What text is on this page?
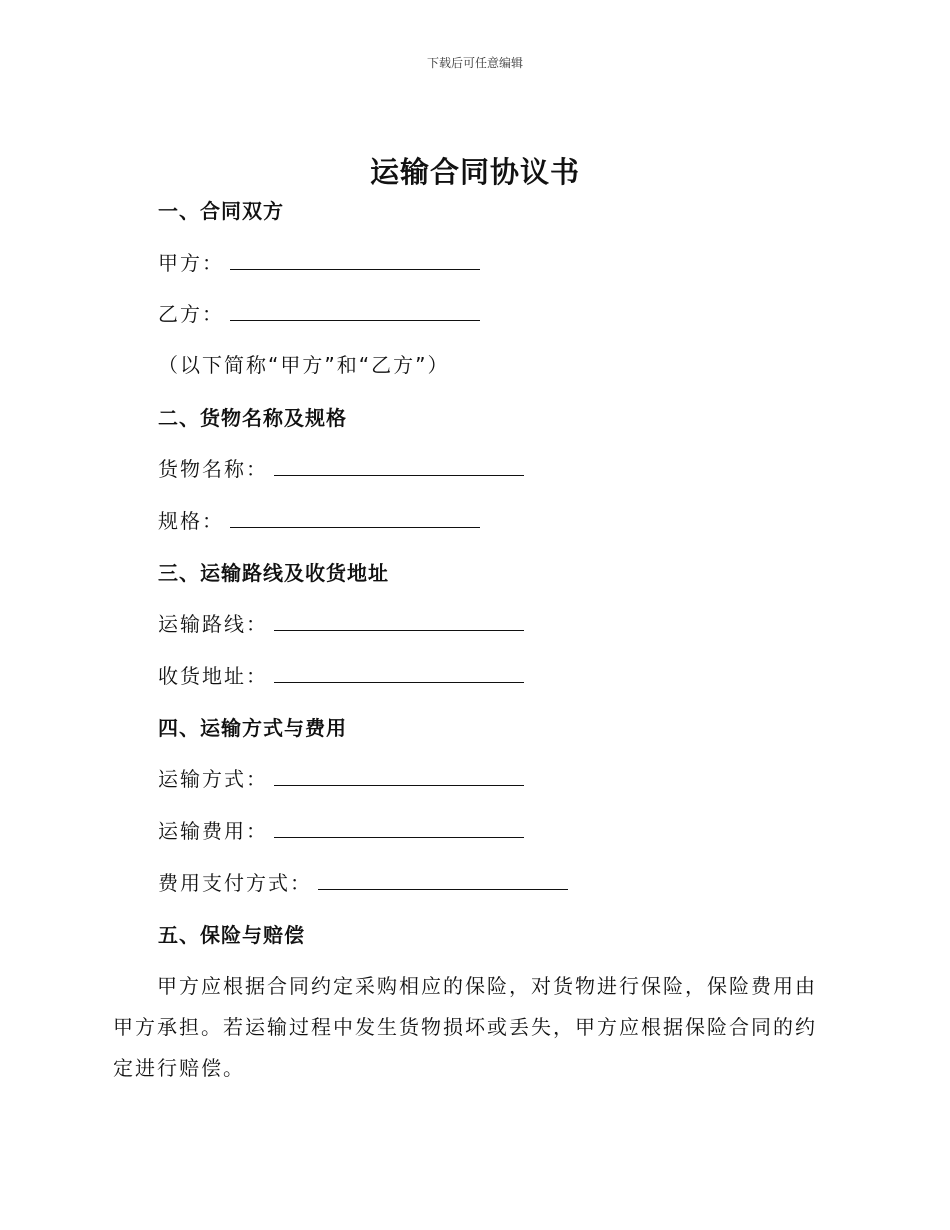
下载后可任意编辑
运输合同协议书
一、合同双方
甲方：
乙方：
（以下简称“甲方”和“乙方”）
二、货物名称及规格
货物名称：
规格：
三、运输路线及收货地址
运输路线：
收货地址：
四、运输方式与费用
运输方式：
运输费用：
费用支付方式：
五、保险与赔偿
甲方应根据合同约定采购相应的保险，对货物进行保险，保险费用由甲方承担。若运输过程中发生货物损坏或丢失，甲方应根据保险合同的约定进行赔偿。
